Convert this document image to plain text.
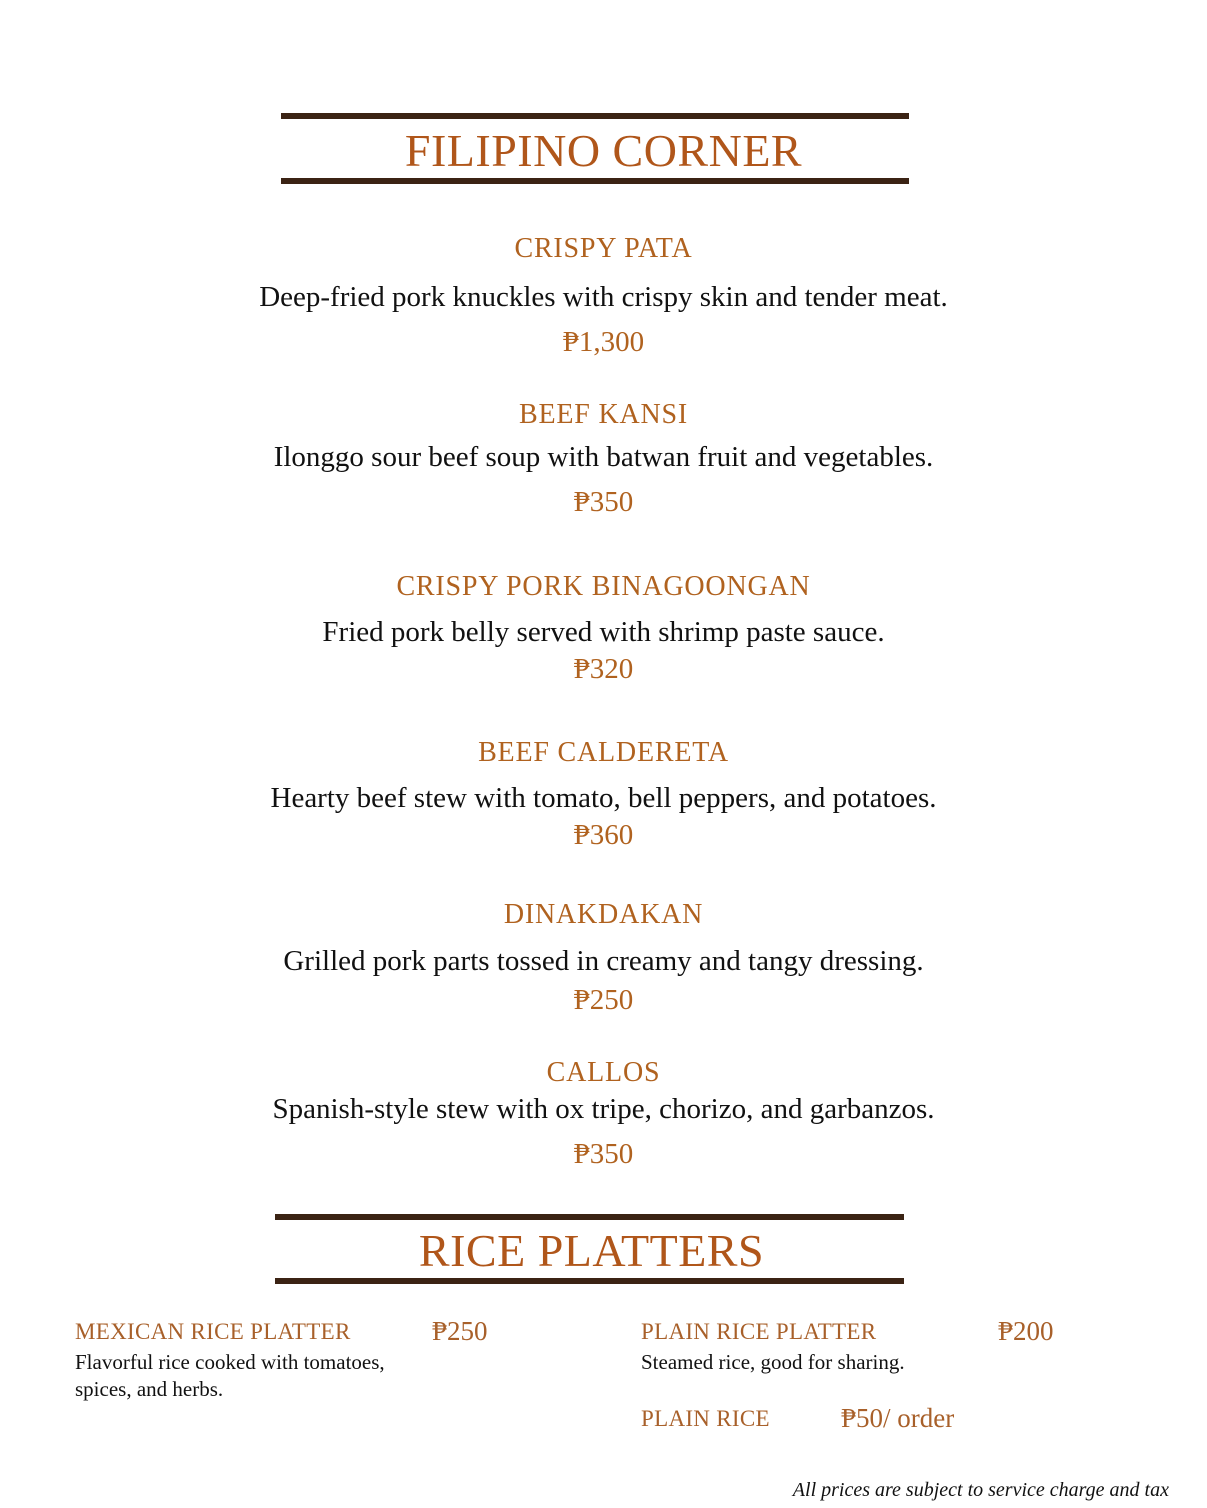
FILIPINO CORNER
CRISPY PATA
Deep-fried pork knuckles with crispy skin and tender meat.
₱1,300
BEEF KANSI
Ilonggo sour beef soup with batwan fruit and vegetables.
₱350
CRISPY PORK BINAGOONGAN
Fried pork belly served with shrimp paste sauce.
₱320
BEEF CALDERETA
Hearty beef stew with tomato, bell peppers, and potatoes.
₱360
DINAKDAKAN
Grilled pork parts tossed in creamy and tangy dressing.
₱250
CALLOS
Spanish-style stew with ox tripe, chorizo, and garbanzos.
₱350
RICE PLATTERS
MEXICAN RICE PLATTER	₱250
Flavorful rice cooked with tomatoes,
spices, and herbs.
PLAIN RICE PLATTER	₱200
Steamed rice, good for sharing.
PLAIN RICE	₱50/ order
All prices are subject to service charge and tax
